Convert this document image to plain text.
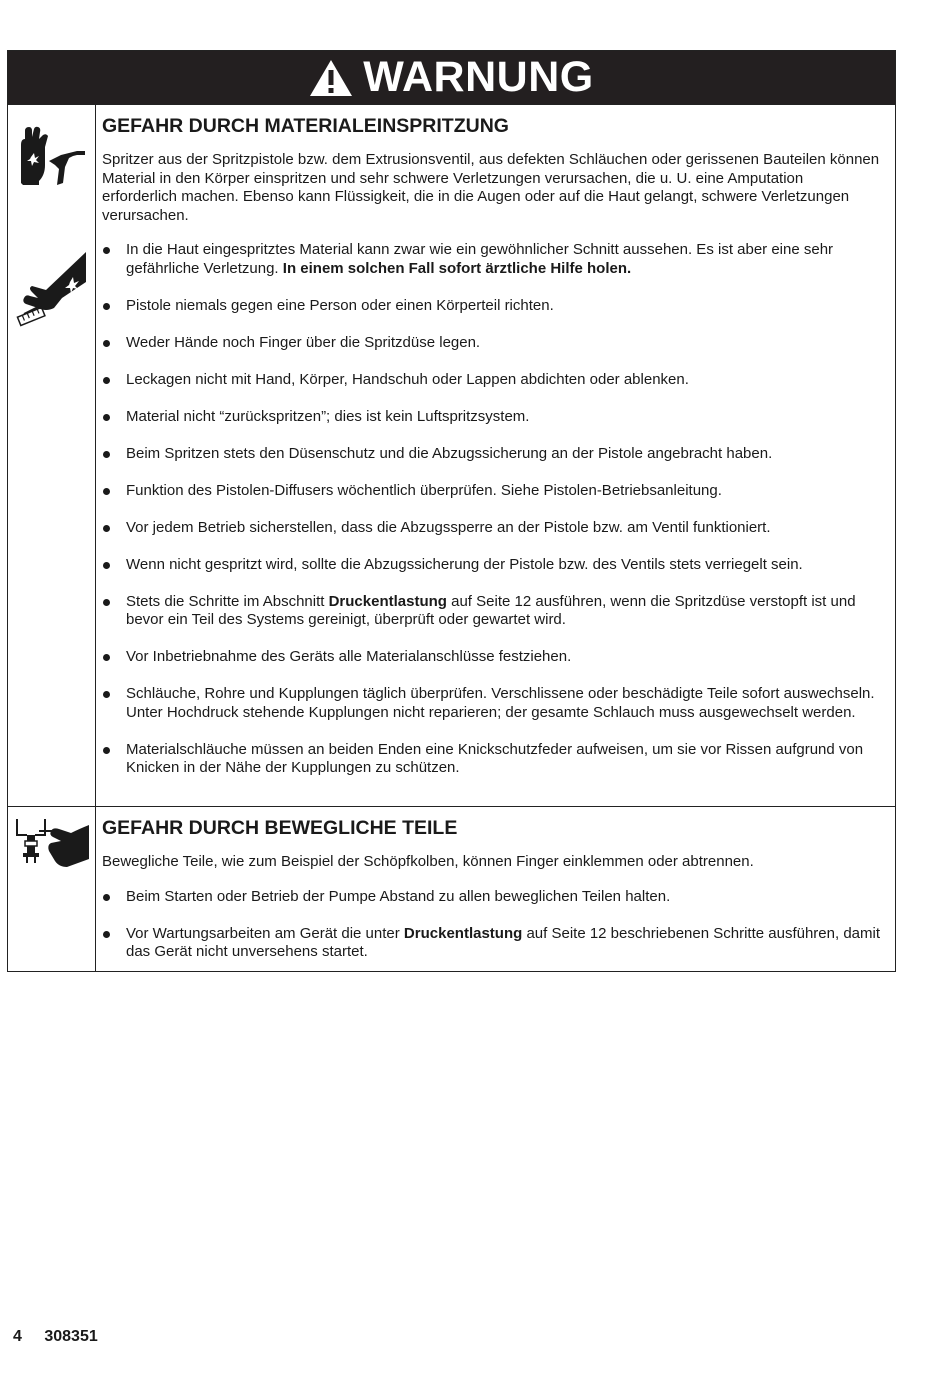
WARNUNG
GEFAHR DURCH MATERIALEINSPRITZUNG

Spritzer aus der Spritzpistole bzw. dem Extrusionsventil, aus defekten Schläuchen oder gerissenen Bauteilen können Material in den Körper einspritzen und sehr schwere Verletzungen verursachen, die u. U. eine Amputation erforderlich machen. Ebenso kann Flüssigkeit, die in die Augen oder auf die Haut gelangt, schwere Verletzungen verursachen.

In die Haut eingespritztes Material kann zwar wie ein gewöhnlicher Schnitt aussehen. Es ist aber eine sehr gefährliche Verletzung. In einem solchen Fall sofort ärztliche Hilfe holen.
Pistole niemals gegen eine Person oder einen Körperteil richten.
Weder Hände noch Finger über die Spritzdüse legen.
Leckagen nicht mit Hand, Körper, Handschuh oder Lappen abdichten oder ablenken.
Material nicht “zurückspritzen”; dies ist kein Luftspritzsystem.
Beim Spritzen stets den Düsenschutz und die Abzugssicherung an der Pistole angebracht haben.
Funktion des Pistolen-Diffusers wöchentlich überprüfen. Siehe Pistolen-Betriebsanleitung.
Vor jedem Betrieb sicherstellen, dass die Abzugssperre an der Pistole bzw. am Ventil funktioniert.
Wenn nicht gespritzt wird, sollte die Abzugssicherung der Pistole bzw. des Ventils stets verriegelt sein.
Stets die Schritte im Abschnitt Druckentlastung auf Seite 12 ausführen, wenn die Spritzdüse verstopft ist und bevor ein Teil des Systems gereinigt, überprüft oder gewartet wird.
Vor Inbetriebnahme des Geräts alle Materialanschlüsse festziehen.
Schläuche, Rohre und Kupplungen täglich überprüfen. Verschlissene oder beschädigte Teile sofort auswechseln. Unter Hochdruck stehende Kupplungen nicht reparieren; der gesamte Schlauch muss ausgewechselt werden.
Materialschläuche müssen an beiden Enden eine Knickschutzfeder aufweisen, um sie vor Rissen aufgrund von Knicken in der Nähe der Kupplungen zu schützen.
GEFAHR DURCH BEWEGLICHE TEILE

Bewegliche Teile, wie zum Beispiel der Schöpfkolben, können Finger einklemmen oder abtrennen.

Beim Starten oder Betrieb der Pumpe Abstand zu allen beweglichen Teilen halten.
Vor Wartungsarbeiten am Gerät die unter Druckentlastung auf Seite 12 beschriebenen Schritte ausführen, damit das Gerät nicht unversehens startet.
4 308351
